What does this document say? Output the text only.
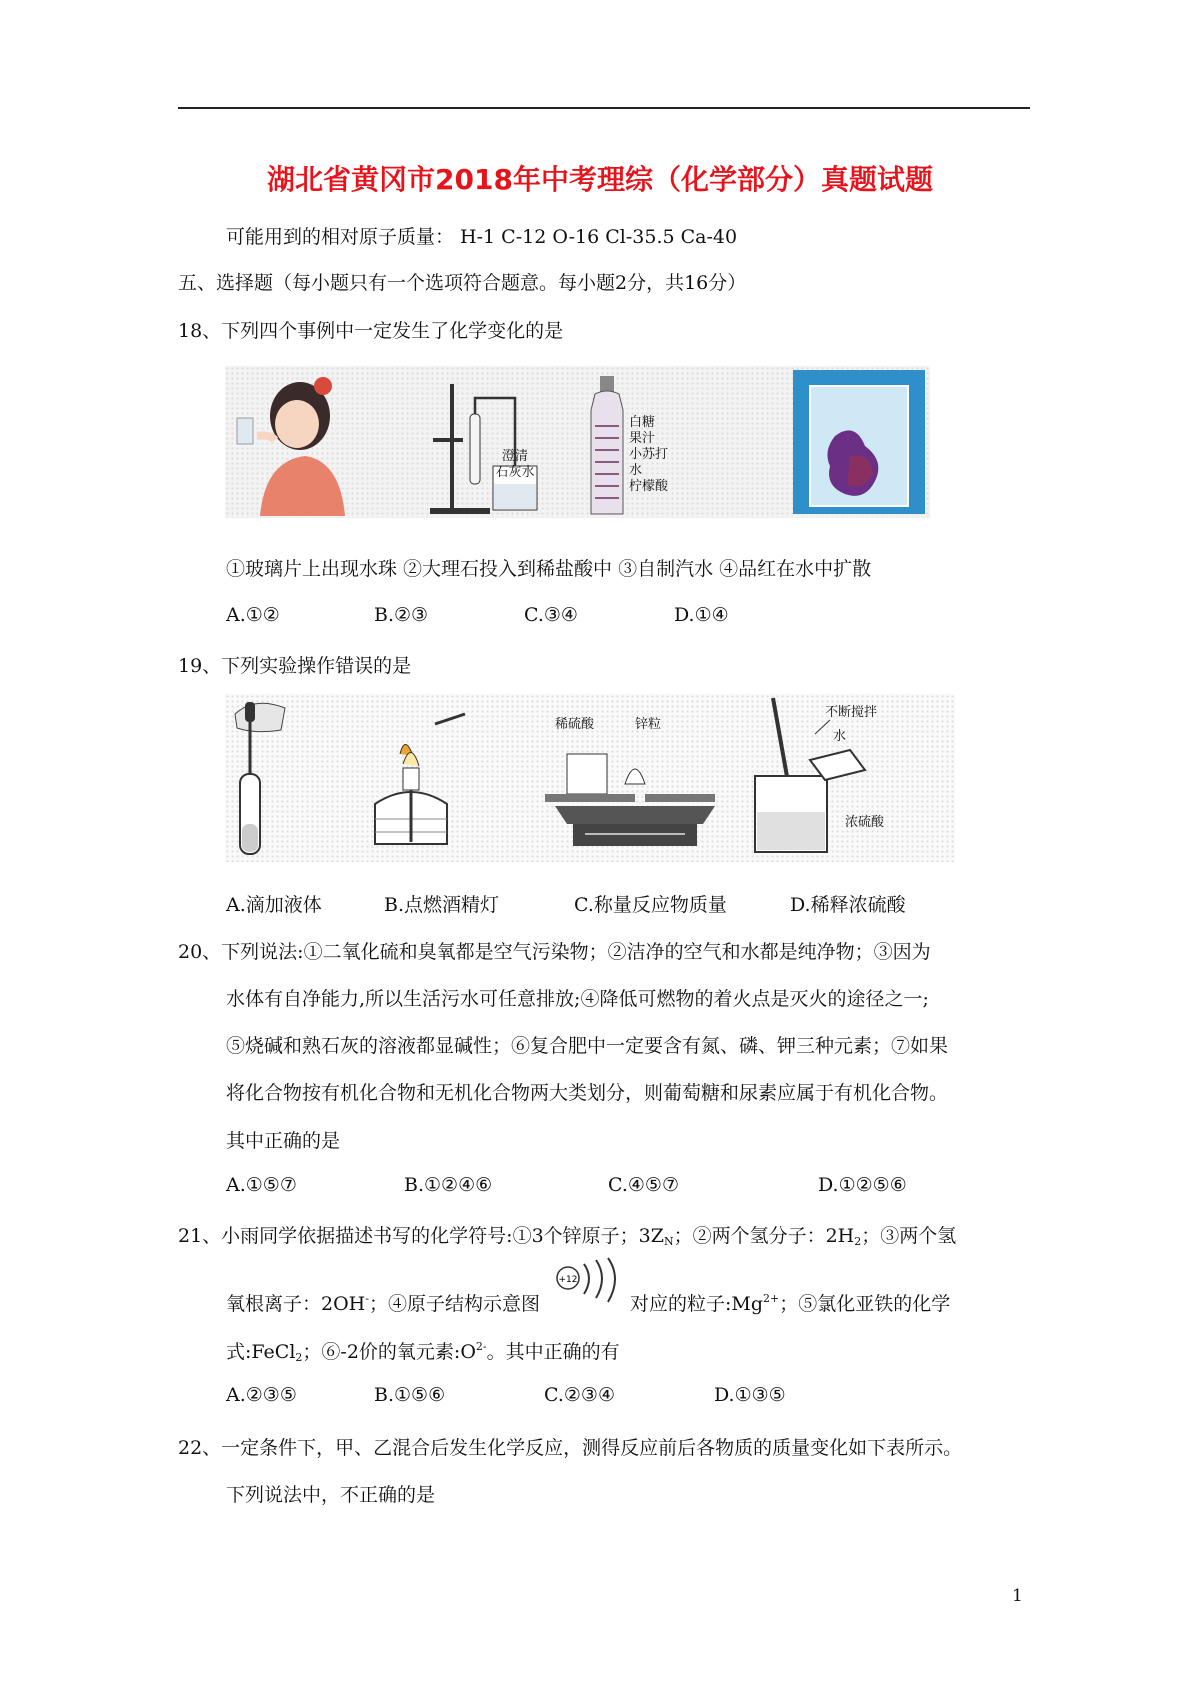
湖北省黄冈市2018年中考理综（化学部分）真题试题
可能用到的相对原子质量： H-1 C-12 O-16 Cl-35.5 Ca-40
五、选择题（每小题只有一个选项符合题意。每小题2分，共16分）
18、下列四个事例中一定发生了化学变化的是
澄清
石灰水
白糖
果汁
小苏打
水
柠檬酸
①玻璃片上出现水珠 ②大理石投入到稀盐酸中 ③自制汽水 ④品红在水中扩散
A.①②	B.②③	C.③④	D.①④
19、下列实验操作错误的是
稀硫酸	锌粒
不断搅拌
水
浓硫酸
A.滴加液体	B.点燃酒精灯	C.称量反应物质量	D.稀释浓硫酸
20、下列说法:①二氧化硫和臭氧都是空气污染物；②洁净的空气和水都是纯净物；③因为
水体有自净能力,所以生活污水可任意排放;④降低可燃物的着火点是灭火的途径之一;
⑤烧碱和熟石灰的溶液都显碱性；⑥复合肥中一定要含有氮、磷、钾三种元素；⑦如果
将化合物按有机化合物和无机化合物两大类划分，则葡萄糖和尿素应属于有机化合物。
其中正确的是
A.①⑤⑦	B.①②④⑥	C.④⑤⑦	D.①②⑤⑥
21、小雨同学依据描述书写的化学符号:①3个锌原子；$3Z_N$；②两个氢分子：$2H_2$；③两个氢
氧根离子：2OH-；④原子结构示意图
+12
对应的粒子$:Mg^{2+}$；⑤氯化亚铁的化学
式:FeCl$_2$；⑥-2价的氧元素$:O^{2-}$。其中正确的有
A.②③⑤	B.①⑤⑥	C.②③④	D.①③⑤
22、一定条件下，甲、乙混合后发生化学反应，测得反应前后各物质的质量变化如下表所示。
下列说法中，不正确的是
1
